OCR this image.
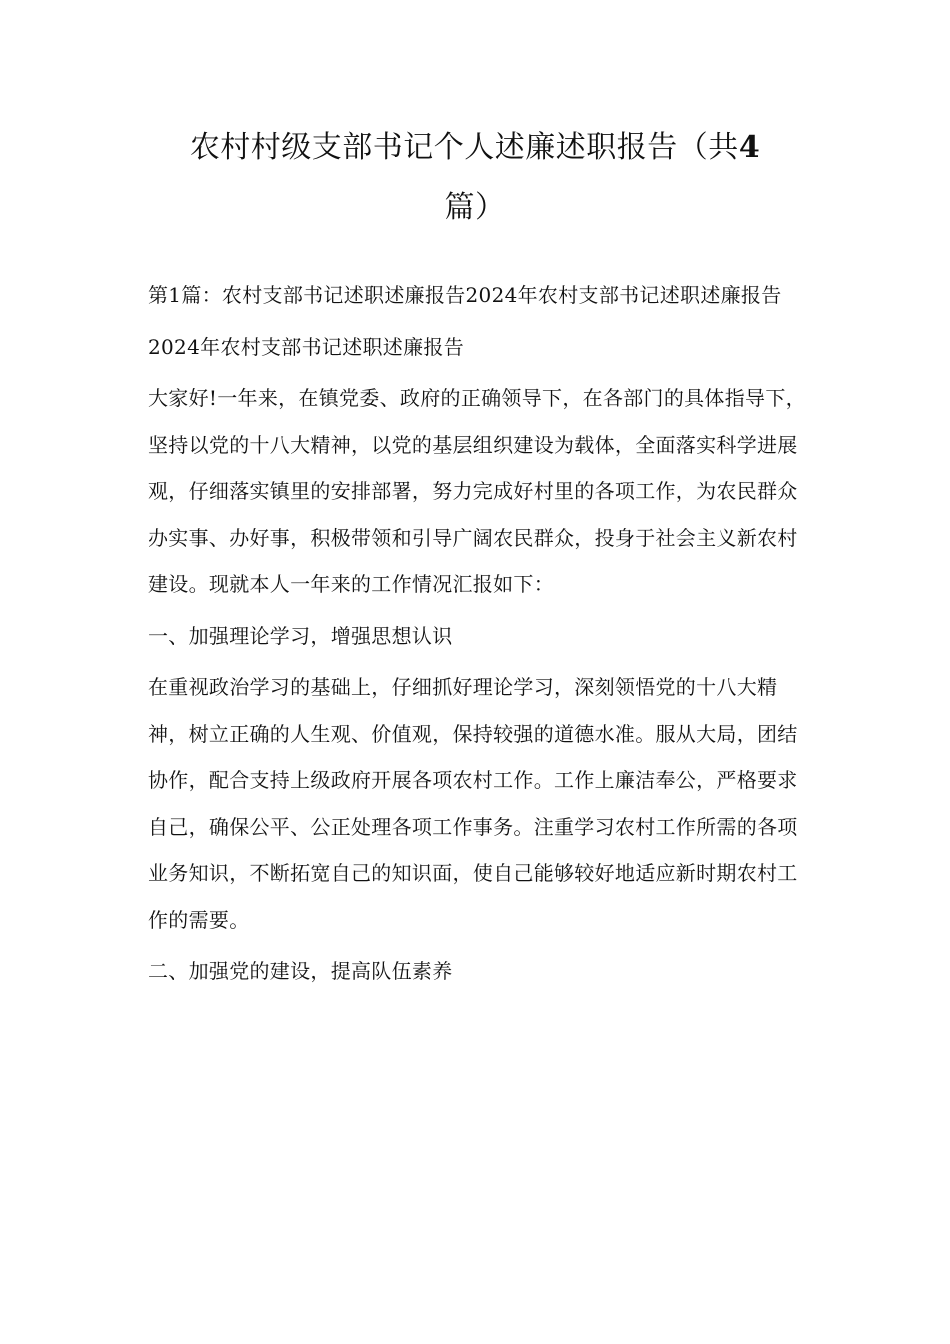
农村村级支部书记个人述廉述职报告（共4
篇）

第1篇：农村支部书记述职述廉报告2024年农村支部书记述职述廉报告

2024年农村支部书记述职述廉报告

大家好!一年来，在镇党委、政府的正确领导下，在各部门的具体指导下，坚持以党的十八大精神，以党的基层组织建设为载体，全面落实科学进展观，仔细落实镇里的安排部署，努力完成好村里的各项工作，为农民群众办实事、办好事，积极带领和引导广阔农民群众，投身于社会主义新农村建设。现就本人一年来的工作情况汇报如下：

一、加强理论学习，增强思想认识

在重视政治学习的基础上，仔细抓好理论学习，深刻领悟党的十八大精神，树立正确的人生观、价值观，保持较强的道德水准。服从大局，团结协作，配合支持上级政府开展各项农村工作。工作上廉洁奉公，严格要求自己，确保公平、公正处理各项工作事务。注重学习农村工作所需的各项业务知识，不断拓宽自己的知识面，使自己能够较好地适应新时期农村工作的需要。

二、加强党的建设，提高队伍素养
